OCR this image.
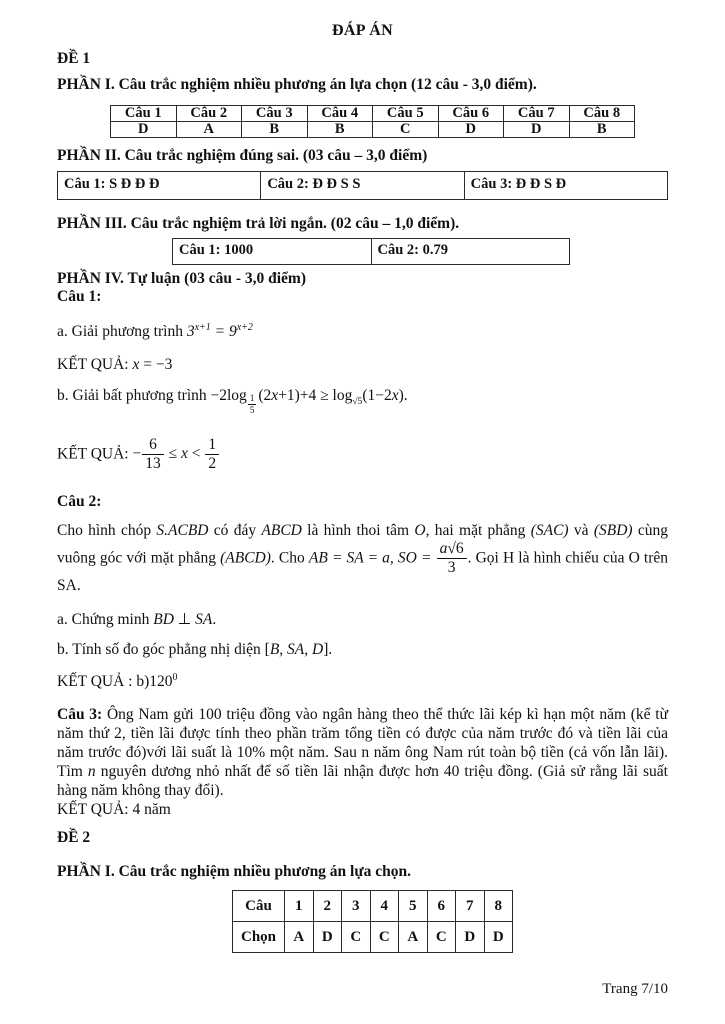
ĐÁP ÁN
ĐỀ 1
PHẦN I. Câu trắc nghiệm nhiều phương án lựa chọn (12 câu - 3,0 điểm).
Câu 1	Câu 2	Câu 3	Câu 4	Câu 5	Câu 6	Câu 7	Câu 8
D	A	B	B	C	D	D	B
PHẦN II. Câu trắc nghiệm đúng sai. (03 câu – 3,0 điểm)
Câu 1: S Đ Đ Đ	Câu 2: Đ Đ S S	Câu 3: Đ Đ S Đ
PHẦN III. Câu trắc nghiệm trả lời ngắn. (02 câu – 1,0 điểm).
Câu 1: 1000	Câu 2: 0.79
PHẦN IV. Tự luận (03 câu - 3,0 điểm)
Câu 1:
a. Giải phương trình $3^{x+1} = 9^{x+2}$
KẾT QUẢ: x = −3
b. Giải bất phương trình $-2\log \frac{1}{5} (2x+1)+4 \ge \log_{√5}(1-2x)$.
KẾT QUẢ: − $\frac{6}{13} \le x < \frac{1}{2}$
Câu 2:
Cho hình chóp S.ACBD có đáy ABCD là hình thoi tâm O, hai mặt phẳng (SAC) và (SBD) cùng vuông góc với mặt phẳng (ABCD). Cho AB = SA = a, SO = $\frac{a√6}{3}$ . Gọi H là hình chiếu của O trên SA.
a. Chứng minh BD ⊥ SA.
b. Tính số đo góc phẳng nhị diện [B, SA, D].
KẾT QUẢ : $b)120^0$
Câu 3: Ông Nam gửi 100 triệu đồng vào ngân hàng theo thể thức lãi kép kì hạn một năm (kể từ năm thứ 2, tiền lãi được tính theo phần trăm tổng tiền có được của năm trước đó và tiền lãi của năm trước đó)với lãi suất là 10% một năm. Sau n năm ông Nam rút toàn bộ tiền (cả vốn lẫn lãi). Tìm n nguyên dương nhỏ nhất để số tiền lãi nhận được hơn 40 triệu đồng. (Giả sử rằng lãi suất hàng năm không thay đổi).
KẾT QUẢ: 4 năm
ĐỀ 2
PHẦN I. Câu trắc nghiệm nhiều phương án lựa chọn.
Câu	1	2	3	4	5	6	7	8
Chọn	A	D	C	C	A	C	D	D
Trang 7/10
